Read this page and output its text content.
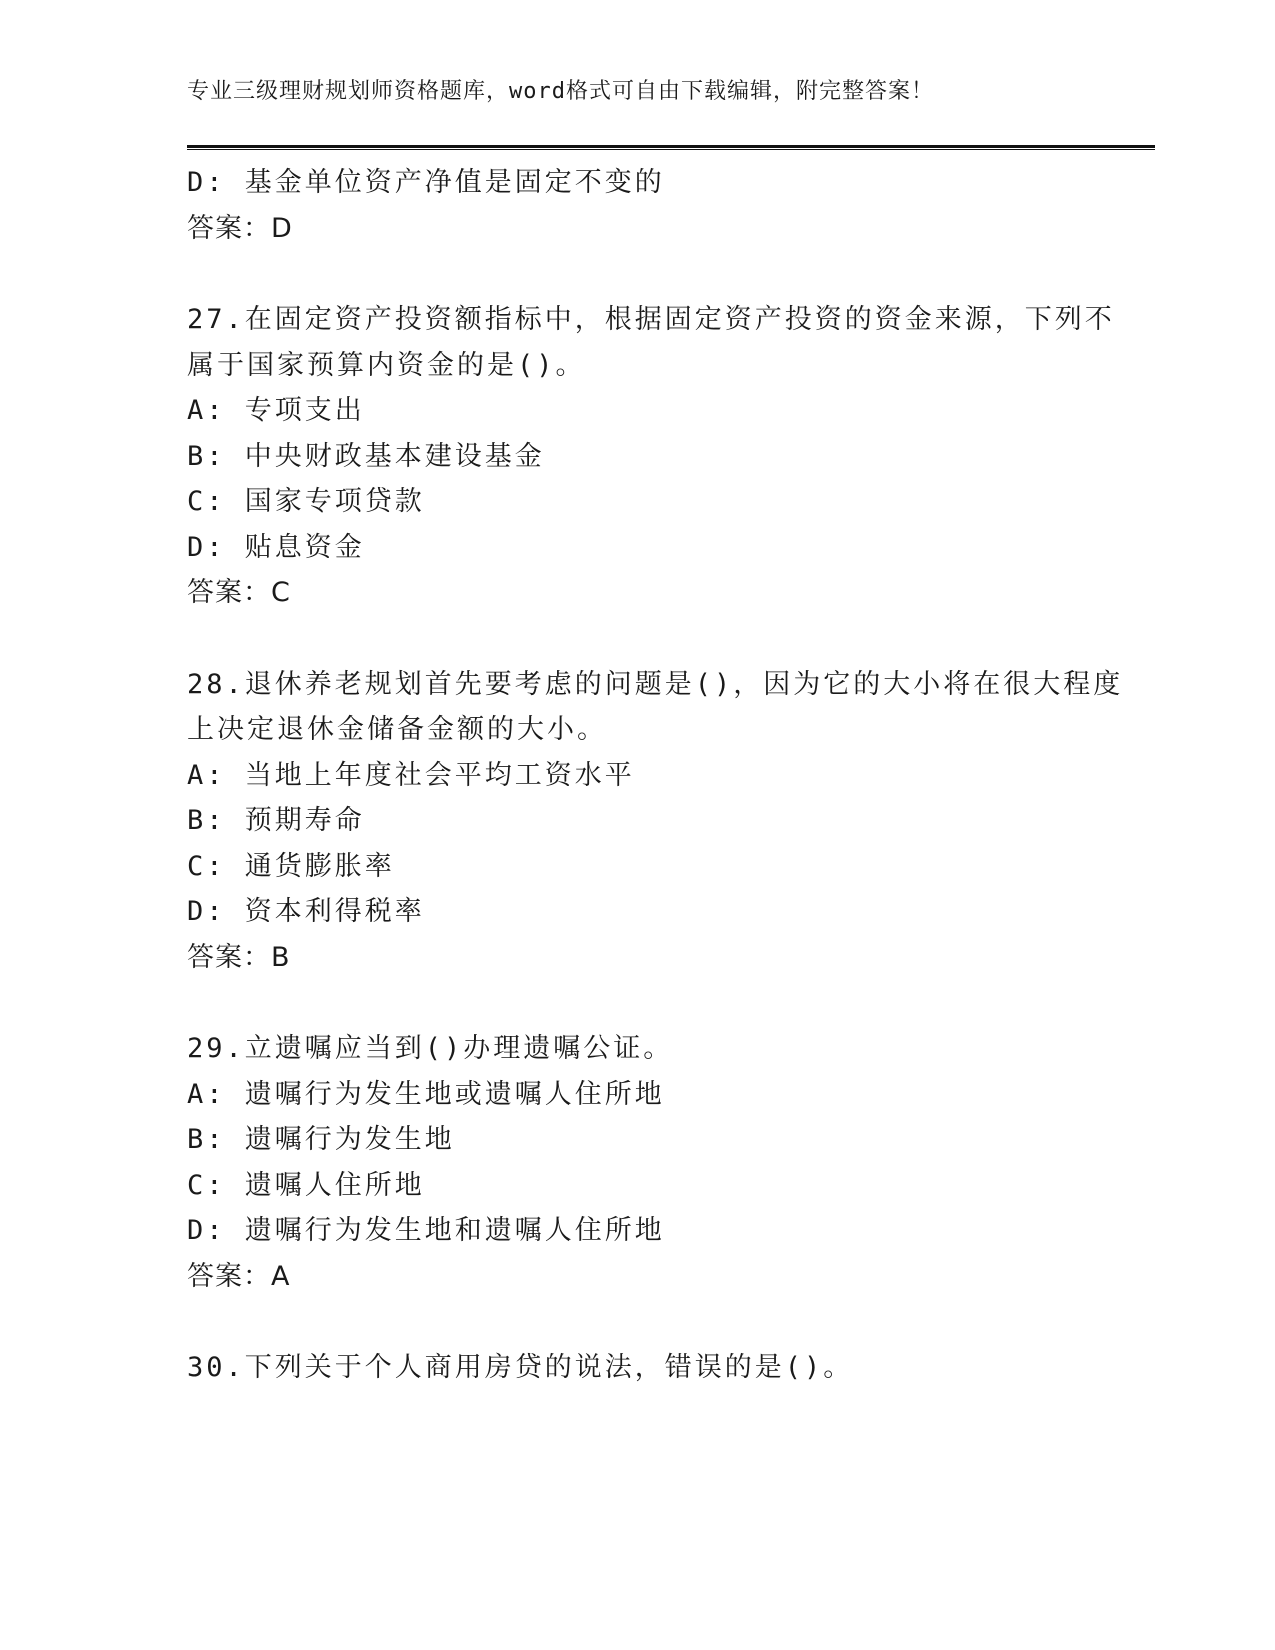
专业三级理财规划师资格题库，word格式可自由下载编辑，附完整答案！
D: 基金单位资产净值是固定不变的
答案：D
27.在固定资产投资额指标中，根据固定资产投资的资金来源，下列不
属于国家预算内资金的是()。
A: 专项支出
B: 中央财政基本建设基金
C: 国家专项贷款
D: 贴息资金
答案：C
28.退休养老规划首先要考虑的问题是()，因为它的大小将在很大程度
上决定退休金储备金额的大小。
A: 当地上年度社会平均工资水平
B: 预期寿命
C: 通货膨胀率
D: 资本利得税率
答案：B
29.立遗嘱应当到()办理遗嘱公证。
A: 遗嘱行为发生地或遗嘱人住所地
B: 遗嘱行为发生地
C: 遗嘱人住所地
D: 遗嘱行为发生地和遗嘱人住所地
答案：A
30.下列关于个人商用房贷的说法，错误的是()。
